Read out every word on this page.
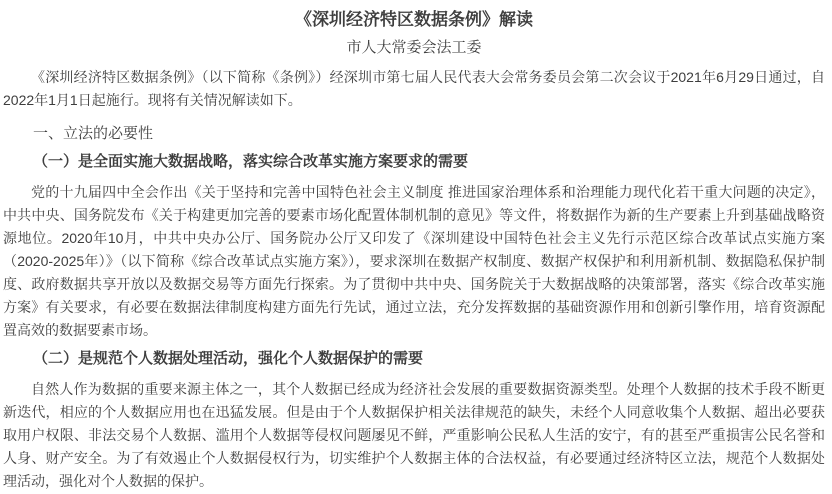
《深圳经济特区数据条例》解读
市人大常委会法工委

《深圳经济特区数据条例》（以下简称《条例》）经深圳市第七届人民代表大会常务委员会第二次会议于2021年6月29日通过，自2022年1月1日起施行。现将有关情况解读如下。

一、立法的必要性
（一）是全面实施大数据战略，落实综合改革实施方案要求的需要

党的十九届四中全会作出《关于坚持和完善中国特色社会主义制度 推进国家治理体系和治理能力现代化若干重大问题的决定》，中共中央、国务院发布《关于构建更加完善的要素市场化配置体制机制的意见》等文件，将数据作为新的生产要素上升到基础战略资源地位。2020年10月，中共中央办公厅、国务院办公厅又印发了《深圳建设中国特色社会主义先行示范区综合改革试点实施方案（2020-2025年）》（以下简称《综合改革试点实施方案》），要求深圳在数据产权制度、数据产权保护和利用新机制、数据隐私保护制度、政府数据共享开放以及数据交易等方面先行探索。为了贯彻中共中央、国务院关于大数据战略的决策部署，落实《综合改革实施方案》有关要求，有必要在数据法律制度构建方面先行先试，通过立法，充分发挥数据的基础资源作用和创新引擎作用，培育资源配置高效的数据要素市场。

（二）是规范个人数据处理活动，强化个人数据保护的需要

自然人作为数据的重要来源主体之一，其个人数据已经成为经济社会发展的重要数据资源类型。处理个人数据的技术手段不断更新迭代，相应的个人数据应用也在迅猛发展。但是由于个人数据保护相关法律规范的缺失，未经个人同意收集个人数据、超出必要获取用户权限、非法交易个人数据、滥用个人数据等侵权问题屡见不鲜，严重影响公民私人生活的安宁，有的甚至严重损害公民名誉和人身、财产安全。为了有效遏止个人数据侵权行为，切实维护个人数据主体的合法权益，有必要通过经济特区立法，规范个人数据处理活动，强化对个人数据的保护。
